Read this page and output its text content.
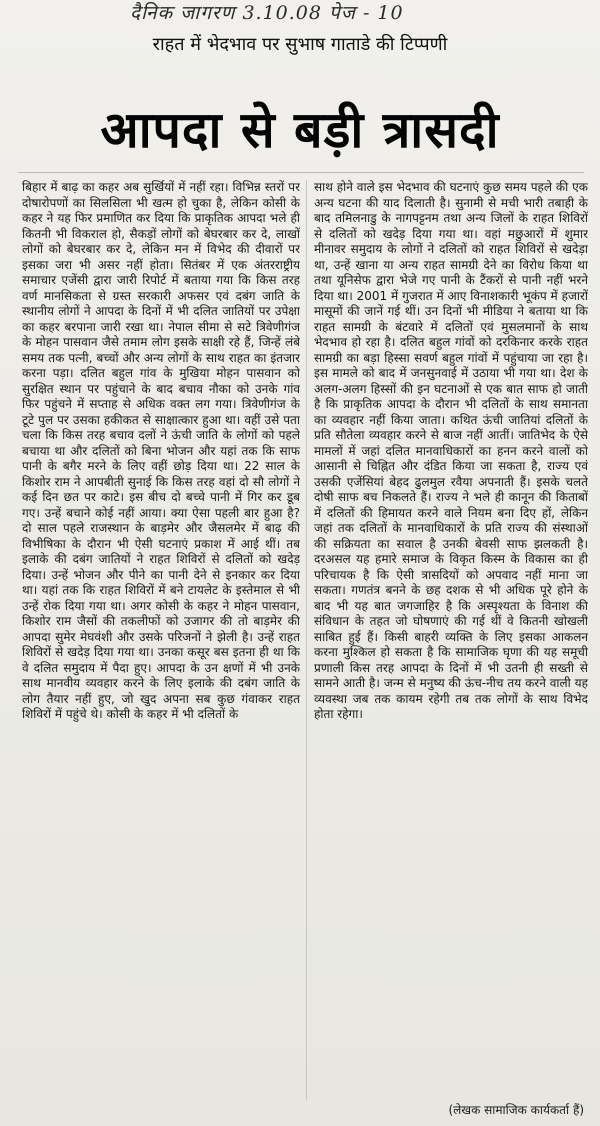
दैनिक जागरण 3.10.08 पेज - 10
राहत में भेदभाव पर सुभाष गाताडे की टिप्पणी
आपदा से बड़ी त्रासदी
बिहार में बाढ़ का कहर अब सुर्खियों में नहीं रहा। विभिन्न स्तरों पर दोषारोपणों का सिलसिला भी खत्म हो चुका है, लेकिन कोसी के कहर ने यह फिर प्रमाणित कर दिया कि प्राकृतिक आपदा भले ही कितनी भी विकराल हो, सैकड़ों लोगों को बेघरबार कर दे, लाखों लोगों को बेघरबार कर दे, लेकिन मन में विभेद की दीवारों पर इसका जरा भी असर नहीं होता। सितंबर में एक अंतरराष्ट्रीय समाचार एजेंसी द्वारा जारी रिपोर्ट में बताया गया कि किस तरह वर्ण मानसिकता से ग्रस्त सरकारी अफसर एवं दबंग जाति के स्थानीय लोगों ने आपदा के दिनों में भी दलित जातियों पर उपेक्षा का कहर बरपाना जारी रखा था। नेपाल सीमा से सटे त्रिवेणीगंज के मोहन पासवान जैसे तमाम लोग इसके साक्षी रहे हैं, जिन्हें लंबे समय तक पत्नी, बच्चों और अन्य लोगों के साथ राहत का इंतजार करना पड़ा। दलित बहुल गांव के मुखिया मोहन पासवान को सुरक्षित स्थान पर पहुंचाने के बाद बचाव नौका को उनके गांव फिर पहुंचने में सप्ताह से अधिक वक्त लग गया। त्रिवेणीगंज के टूटे पुल पर उसका हकीकत से साक्षात्कार हुआ था। वहीं उसे पता चला कि किस तरह बचाव दलों ने ऊंची जाति के लोगों को पहले बचाया था और दलितों को बिना भोजन और यहां तक कि साफ पानी के बगैर मरने के लिए वहीं छोड़ दिया था। 22 साल के किशोर राम ने आपबीती सुनाई कि किस तरह वहां दो सौ लोगों ने कई दिन छत पर काटे। इस बीच दो बच्चे पानी में गिर कर डूब गए। उन्हें बचाने कोई नहीं आया। क्या ऐसा पहली बार हुआ है? दो साल पहले राजस्थान के बाड़मेर और जैसलमेर में बाढ़ की विभीषिका के दौरान भी ऐसी घटनाएं प्रकाश में आई थीं। तब इलाके की दबंग जातियों ने राहत शिविरों से दलितों को खदेड़ दिया। उन्हें भोजन और पीने का पानी देने से इनकार कर दिया था। यहां तक कि राहत शिविरों में बने टायलेट के इस्तेमाल से भी उन्हें रोक दिया गया था। अगर कोसी के कहर ने मोहन पासवान, किशोर राम जैसों की तकलीफों को उजागर की तो बाड़मेर की आपदा सुमेर मेघवंशी और उसके परिजनों ने झेली है। उन्हें राहत शिविरों से खदेड़ दिया गया था। उनका कसूर बस इतना ही था कि वे दलित समुदाय में पैदा हुए। आपदा के उन क्षणों में भी उनके साथ मानवीय व्यवहार करने के लिए इलाके की दबंग जाति के लोग तैयार नहीं हुए, जो खुद अपना सब कुछ गंवाकर राहत शिविरों में पहुंचे थे। कोसी के कहर में भी दलितों के
साथ होने वाले इस भेदभाव की घटनाएं कुछ समय पहले की एक अन्य घटना की याद दिलाती है। सुनामी से मची भारी तबाही के बाद तमिलनाडु के नागपट्टनम तथा अन्य जिलों के राहत शिविरों से दलितों को खदेड़ दिया गया था। वहां मछुआरों में शुमार मीनावर समुदाय के लोगों ने दलितों को राहत शिविरों से खदेड़ा था, उन्हें खाना या अन्य राहत सामग्री देने का विरोध किया था तथा यूनिसेफ द्वारा भेजे गए पानी के टैंकरों से पानी नहीं भरने दिया था। 2001 में गुजरात में आए विनाशकारी भूकंप में हजारों मासूमों की जानें गई थीं। उन दिनों भी मीडिया ने बताया था कि राहत सामग्री के बंटवारे में दलितों एवं मुसलमानों के साथ भेदभाव हो रहा है। दलित बहुल गांवों को दरकिनार करके राहत सामग्री का बड़ा हिस्सा सवर्ण बहुल गांवों में पहुंचाया जा रहा है। इस मामले को बाद में जनसुनवाई में उठाया भी गया था। देश के अलग-अलग हिस्सों की इन घटनाओं से एक बात साफ हो जाती है कि प्राकृतिक आपदा के दौरान भी दलितों के साथ समानता का व्यवहार नहीं किया जाता। कथित ऊंची जातियां दलितों के प्रति सौतेला व्यवहार करने से बाज नहीं आतीं। जातिभेद के ऐसे मामलों में जहां दलित मानवाधिकारों का हनन करने वालों को आसानी से चिह्नित और दंडित किया जा सकता है, राज्य एवं उसकी एजेंसियां बेहद ढुलमुल रवैया अपनाती हैं। इसके चलते दोषी साफ बच निकलते हैं। राज्य ने भले ही कानून की किताबों में दलितों की हिमायत करने वाले नियम बना दिए हों, लेकिन जहां तक दलितों के मानवाधिकारों के प्रति राज्य की संस्थाओं की सक्रियता का सवाल है उनकी बेवसी साफ झलकती है। दरअसल यह हमारे समाज के विकृत किस्म के विकास का ही परिचायक है कि ऐसी त्रासदियों को अपवाद नहीं माना जा सकता। गणतंत्र बनने के छह दशक से भी अधिक पूरे होने के बाद भी यह बात जगजाहिर है कि अस्पृश्यता के विनाश की संविधान के तहत जो घोषणाएं की गई थीं वे कितनी खोखली साबित हुई हैं। किसी बाहरी व्यक्ति के लिए इसका आकलन करना मुश्किल हो सकता है कि सामाजिक घृणा की यह समूची प्रणाली किस तरह आपदा के दिनों में भी उतनी ही सख्ती से सामने आती है। जन्म से मनुष्य की ऊंच-नीच तय करने वाली यह व्यवस्था जब तक कायम रहेगी तब तक लोगों के साथ विभेद होता रहेगा।
(लेखक सामाजिक कार्यकर्ता हैं)
